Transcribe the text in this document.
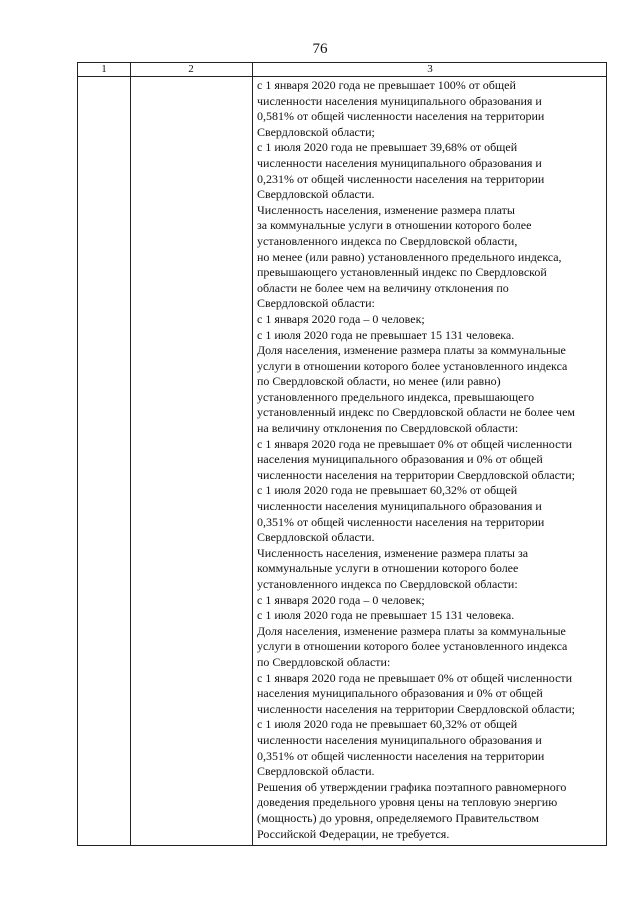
76
1	2	3
с 1 января 2020 года не превышает 100% от общей
численности населения муниципального образования и
0,581% от общей численности населения на территории
Свердловской области;
с 1 июля 2020 года не превышает 39,68% от общей
численности населения муниципального образования и
0,231% от общей численности населения на территории
Свердловской области.
Численность населения, изменение размера платы
за коммунальные услуги в отношении которого более
установленного индекса по Свердловской области,
но менее (или равно) установленного предельного индекса,
превышающего установленный индекс по Свердловской
области не более чем на величину отклонения по
Свердловской области:
с 1 января 2020 года – 0 человек;
с 1 июля 2020 года не превышает 15 131 человека.
Доля населения, изменение размера платы за коммунальные
услуги в отношении которого более установленного индекса
по Свердловской области, но менее (или равно)
установленного предельного индекса, превышающего
установленный индекс по Свердловской области не более чем
на величину отклонения по Свердловской области:
с 1 января 2020 года не превышает 0% от общей численности
населения муниципального образования и 0% от общей
численности населения на территории Свердловской области;
с 1 июля 2020 года не превышает 60,32% от общей
численности населения муниципального образования и
0,351% от общей численности населения на территории
Свердловской области.
Численность населения, изменение размера платы за
коммунальные услуги в отношении которого более
установленного индекса по Свердловской области:
с 1 января 2020 года – 0 человек;
с 1 июля 2020 года не превышает 15 131 человека.
Доля населения, изменение размера платы за коммунальные
услуги в отношении которого более установленного индекса
по Свердловской области:
с 1 января 2020 года не превышает 0% от общей численности
населения муниципального образования и 0% от общей
численности населения на территории Свердловской области;
с 1 июля 2020 года не превышает 60,32% от общей
численности населения муниципального образования и
0,351% от общей численности населения на территории
Свердловской области.
Решения об утверждении графика поэтапного равномерного
доведения предельного уровня цены на тепловую энергию
(мощность) до уровня, определяемого Правительством
Российской Федерации, не требуется.
